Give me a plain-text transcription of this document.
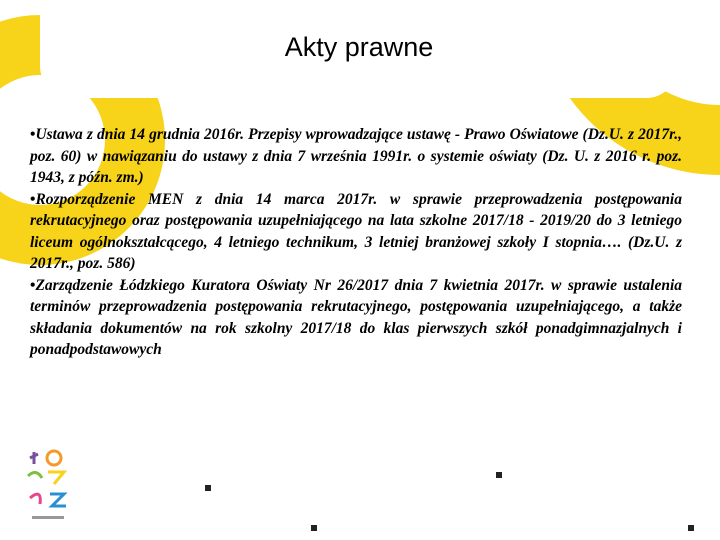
Akty prawne

•Ustawa z dnia 14 grudnia 2016r. Przepisy wprowadzające ustawę - Prawo Oświatowe (Dz.U. z 2017r., poz. 60) w nawiązaniu do ustawy z dnia 7 września 1991r. o systemie oświaty (Dz. U. z 2016 r. poz. 1943, z późn. zm.)

•Rozporządzenie MEN z dnia 14 marca 2017r. w sprawie przeprowadzenia postępowania rekrutacyjnego oraz postępowania uzupełniającego na lata szkolne 2017/18 - 2019/20 do 3 letniego liceum ogólnokształcącego, 4 letniego technikum, 3 letniej branżowej szkoły I stopnia…. (Dz.U. z 2017r., poz. 586)

•Zarządzenie Łódzkiego Kuratora Oświaty Nr 26/2017 dnia 7 kwietnia 2017r. w sprawie ustalenia terminów przeprowadzenia postępowania rekrutacyjnego, postępowania uzupełniającego, a także składania dokumentów na rok szkolny 2017/18 do klas pierwszych szkół ponadgimnazjalnych i ponadpodstawowych
